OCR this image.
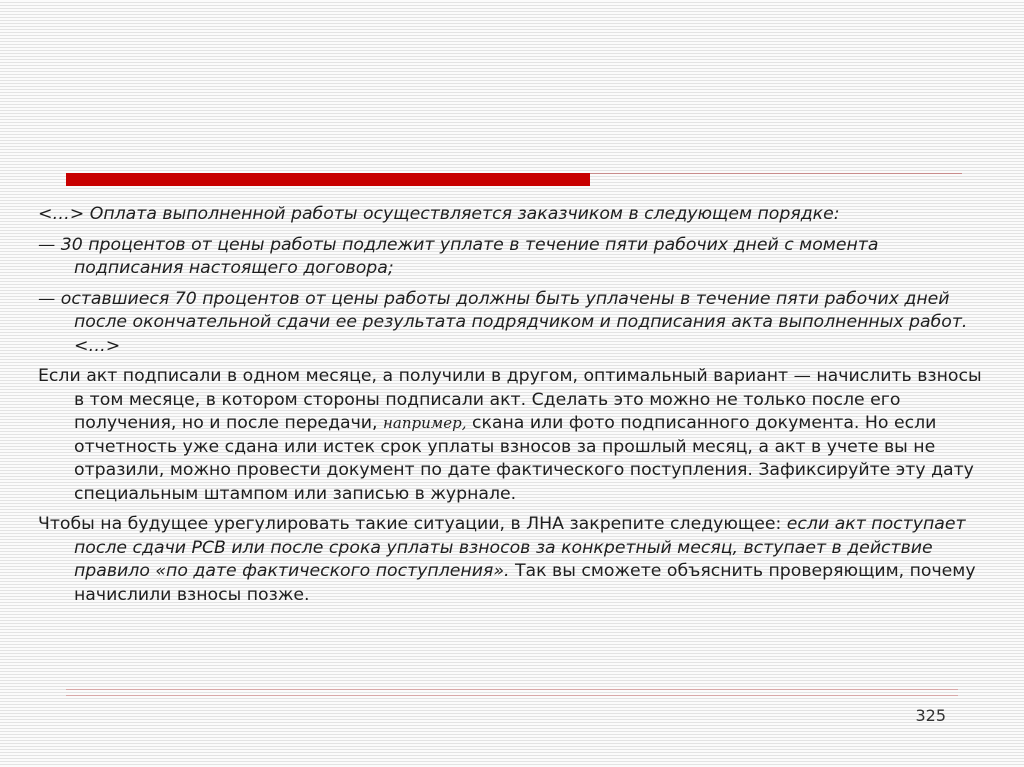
<…> Оплата выполненной работы осуществляется заказчиком в следующем порядке:

— 30 процентов от цены работы подлежит уплате в течение пяти рабочих дней с момента подписания настоящего договора;

— оставшиеся 70 процентов от цены работы должны быть уплачены в течение пяти рабочих дней после окончательной сдачи ее результата подрядчиком и подписания акта выполненных работ. <…>

Если акт подписали в одном месяце, а получили в другом, оптимальный вариант — начислить взносы в том месяце, в котором стороны подписали акт. Сделать это можно не только после его получения, но и после передачи, например, скана или фото подписанного документа. Но если отчетность уже сдана или истек срок уплаты взносов за прошлый месяц, а акт в учете вы не отразили, можно провести документ по дате фактического поступления. Зафиксируйте эту дату специальным штампом или записью в журнале.

Чтобы на будущее урегулировать такие ситуации, в ЛНА закрепите следующее: если акт поступает после сдачи РСВ или после срока уплаты взносов за конкретный месяц, вступает в действие правило «по дате фактического поступления». Так вы сможете объяснить проверяющим, почему начислили взносы позже.

325
